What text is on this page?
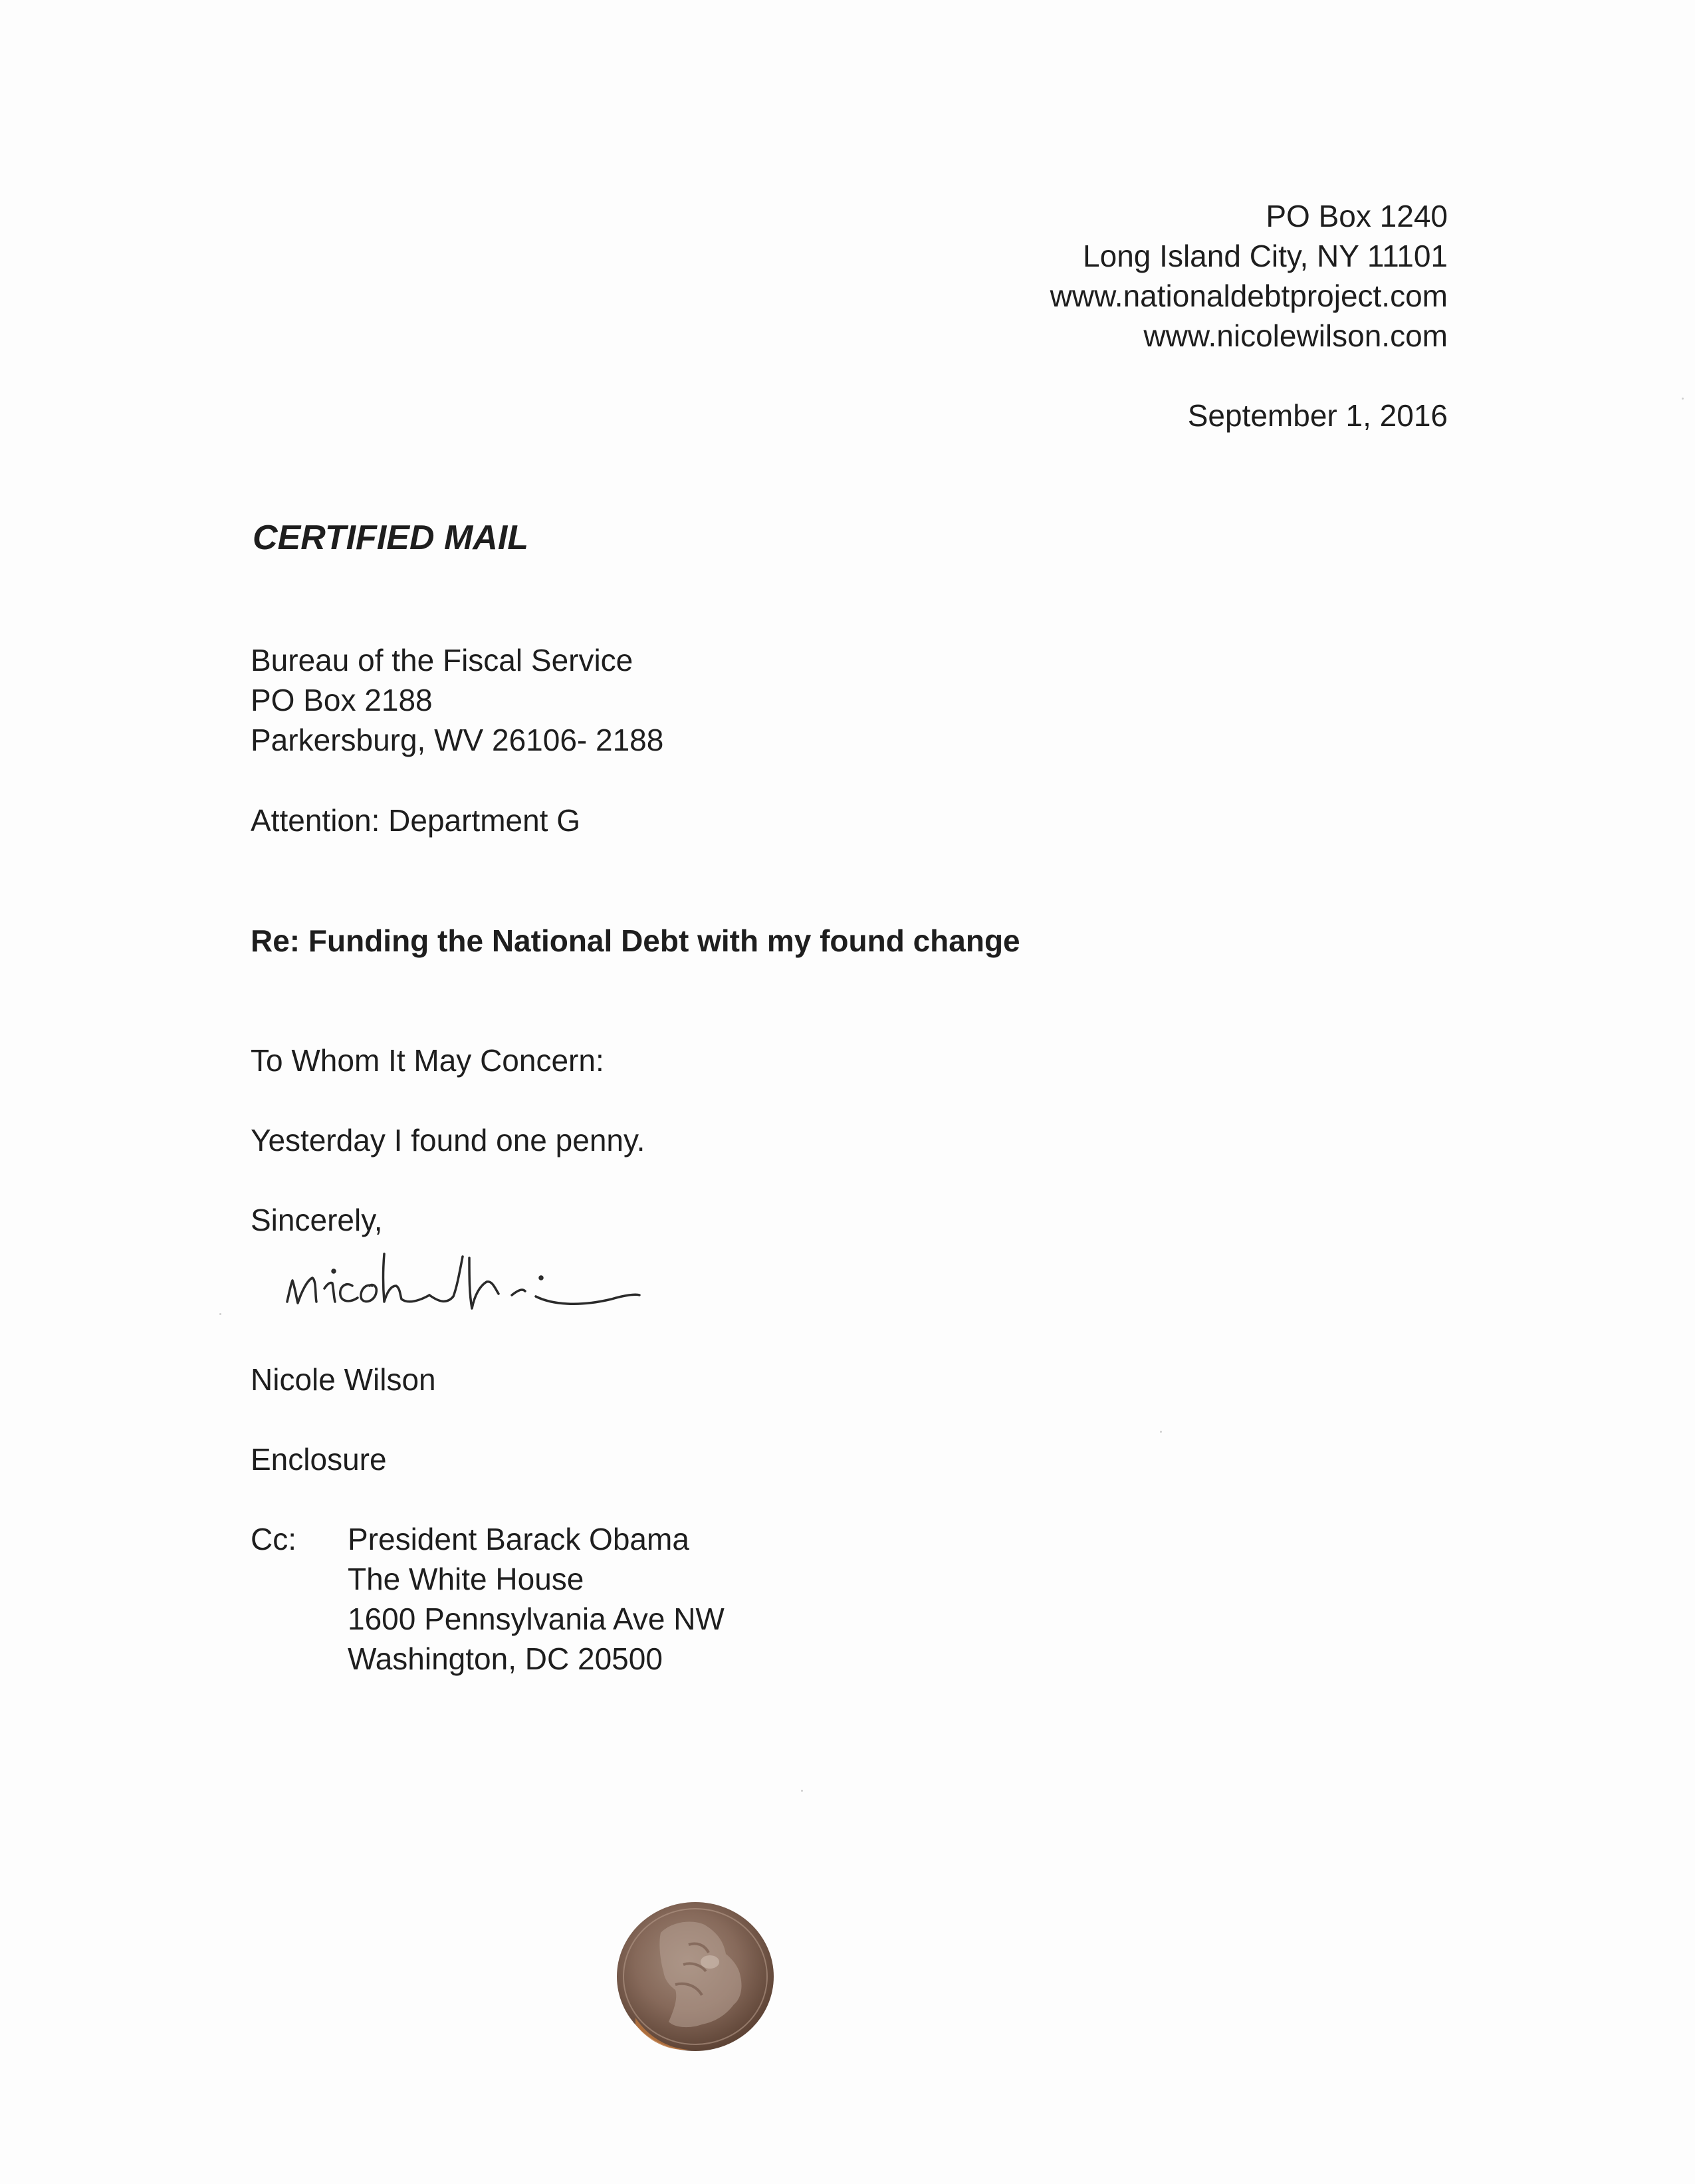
PO Box 1240
Long Island City, NY 11101
www.nationaldebtproject.com
www.nicolewilson.com
September 1, 2016
CERTIFIED MAIL
Bureau of the Fiscal Service
PO Box 2188
Parkersburg, WV 26106- 2188
Attention: Department G
Re: Funding the National Debt with my found change
To Whom It May Concern:
Yesterday I found one penny.
Sincerely,
Nicole Wilson
Enclosure
Cc: President Barack Obama
The White House
1600 Pennsylvania Ave NW
Washington, DC 20500
